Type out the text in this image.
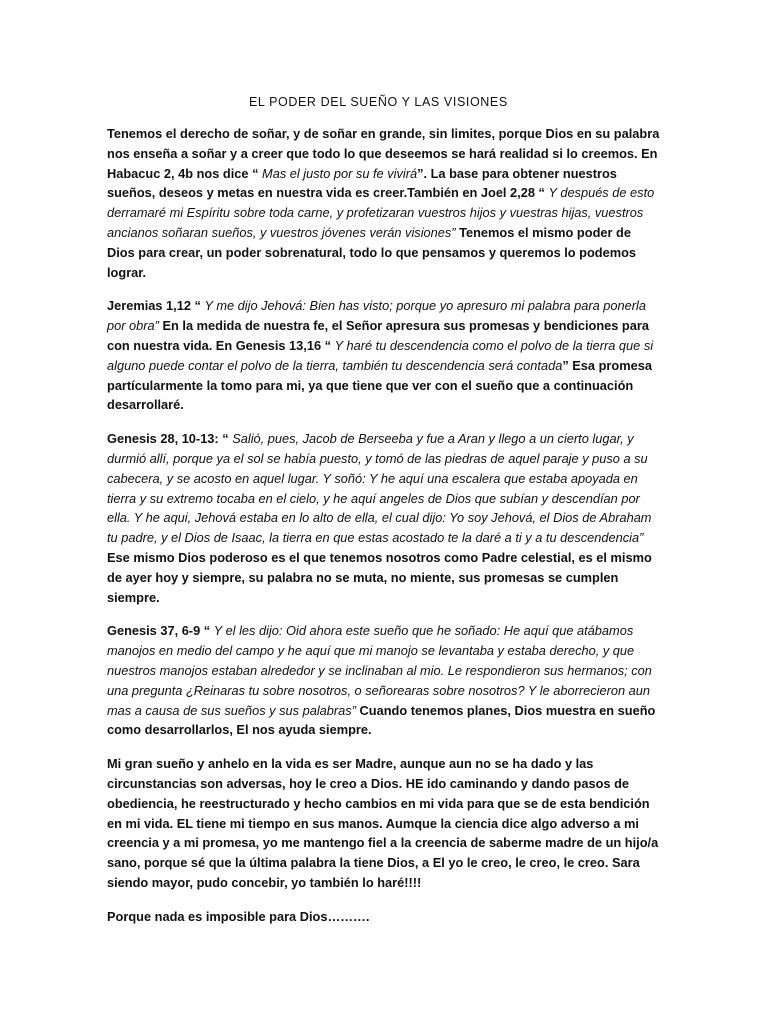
EL PODER DEL SUEÑO Y LAS VISIONES

Tenemos el derecho de soñar, y de soñar en grande, sin limites, porque Dios en su palabra nos enseña a soñar y a creer que todo lo que deseemos se hará realidad si lo creemos. En Habacuc 2, 4b nos dice “ Mas el justo por su fe vivirá”. La base para obtener nuestros sueños, deseos y metas en nuestra vida es creer.También en Joel 2,28 “ Y después de esto derramaré mi Espíritu sobre toda carne, y profetizaran vuestros hijos y vuestras hijas, vuestros ancianos soñaran sueños, y vuestros jóvenes verán visiones” Tenemos el mismo poder de Dios para crear, un poder sobrenatural, todo lo que pensamos y queremos lo podemos lograr.

Jeremias 1,12 “ Y me dijo Jehová: Bien has visto; porque yo apresuro mi palabra para ponerla por obra” En la medida de nuestra fe, el Señor apresura sus promesas y bendiciones para con nuestra vida. En Genesis 13,16 “ Y haré tu descendencia como el polvo de la tierra que si alguno puede contar el polvo de la tierra, también tu descendencia será contada” Esa promesa partícularmente la tomo para mi, ya que tiene que ver con el sueño que a continuación desarrollaré.

Genesis 28, 10-13: “ Salió, pues, Jacob de Berseeba y fue a Aran y llego a un cierto lugar, y durmió allí, porque ya el sol se había puesto, y tomó de las piedras de aquel paraje y puso a su cabecera, y se acosto en aquel lugar. Y soñó: Y he aquí una escalera que estaba apoyada en tierra y su extremo tocaba en el cielo, y he aquí angeles de Dios que subían y descendían por ella. Y he aqui, Jehová estaba en lo alto de ella, el cual dijo: Yo soy Jehová, el Dios de Abraham tu padre, y el Dios de Isaac, la tierra en que estas acostado te la daré a ti y a tu descendencia” Ese mismo Dios poderoso es el que tenemos nosotros como Padre celestial, es el mismo de ayer hoy y siempre, su palabra no se muta, no miente, sus promesas se cumplen siempre.

Genesis 37, 6-9 “ Y el les dijo: Oid ahora este sueño que he soñado: He aquí que atábamos manojos en medio del campo y he aquí que mi manojo se levantaba y estaba derecho, y que nuestros manojos estaban alrededor y se inclinaban al mio. Le respondieron sus hermanos; con una pregunta ¿Reinaras tu sobre nosotros, o señorearas sobre nosotros? Y le aborrecieron aun mas a causa de sus sueños y sus palabras” Cuando tenemos planes, Dios muestra en sueño como desarrollarlos, El nos ayuda siempre.

Mi gran sueño y anhelo en la vida es ser Madre, aunque aun no se ha dado y las circunstancias son adversas, hoy le creo a Dios. HE ido caminando y dando pasos de obediencia, he reestructurado y hecho cambios en mi vida para que se de esta bendición en mi vida. EL tiene mi tiempo en sus manos. Aumque la ciencia dice algo adverso a mi creencia y a mi promesa, yo me mantengo fiel a la creencia de saberme madre de un hijo/a sano, porque sé que la última palabra la tiene Dios, a El yo le creo, le creo, le creo. Sara siendo mayor, pudo concebir, yo también lo haré!!!!

Porque nada es imposible para Dios……….
